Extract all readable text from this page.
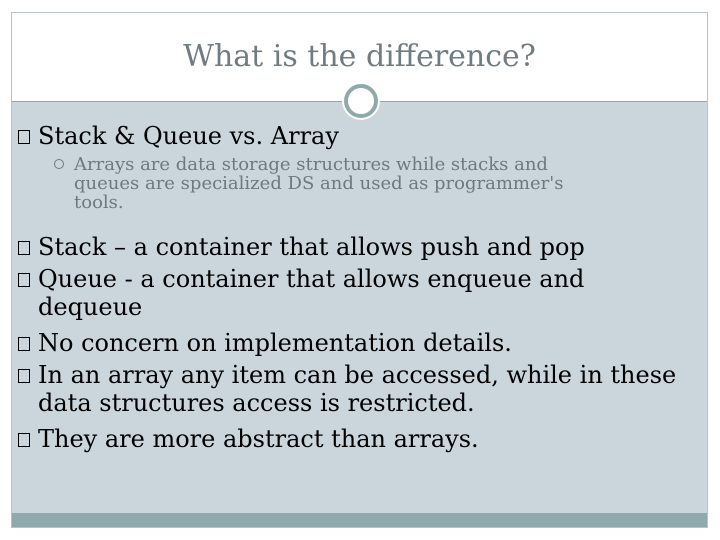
What is the difference?
Stack & Queue vs. Array
Arrays are data storage structures while stacks and
queues are specialized DS and used as programmer's
tools.
Stack – a container that allows push and pop
Queue - a container that allows enqueue and
dequeue
No concern on implementation details.
In an array any item can be accessed, while in these
data structures access is restricted.
They are more abstract than arrays.
